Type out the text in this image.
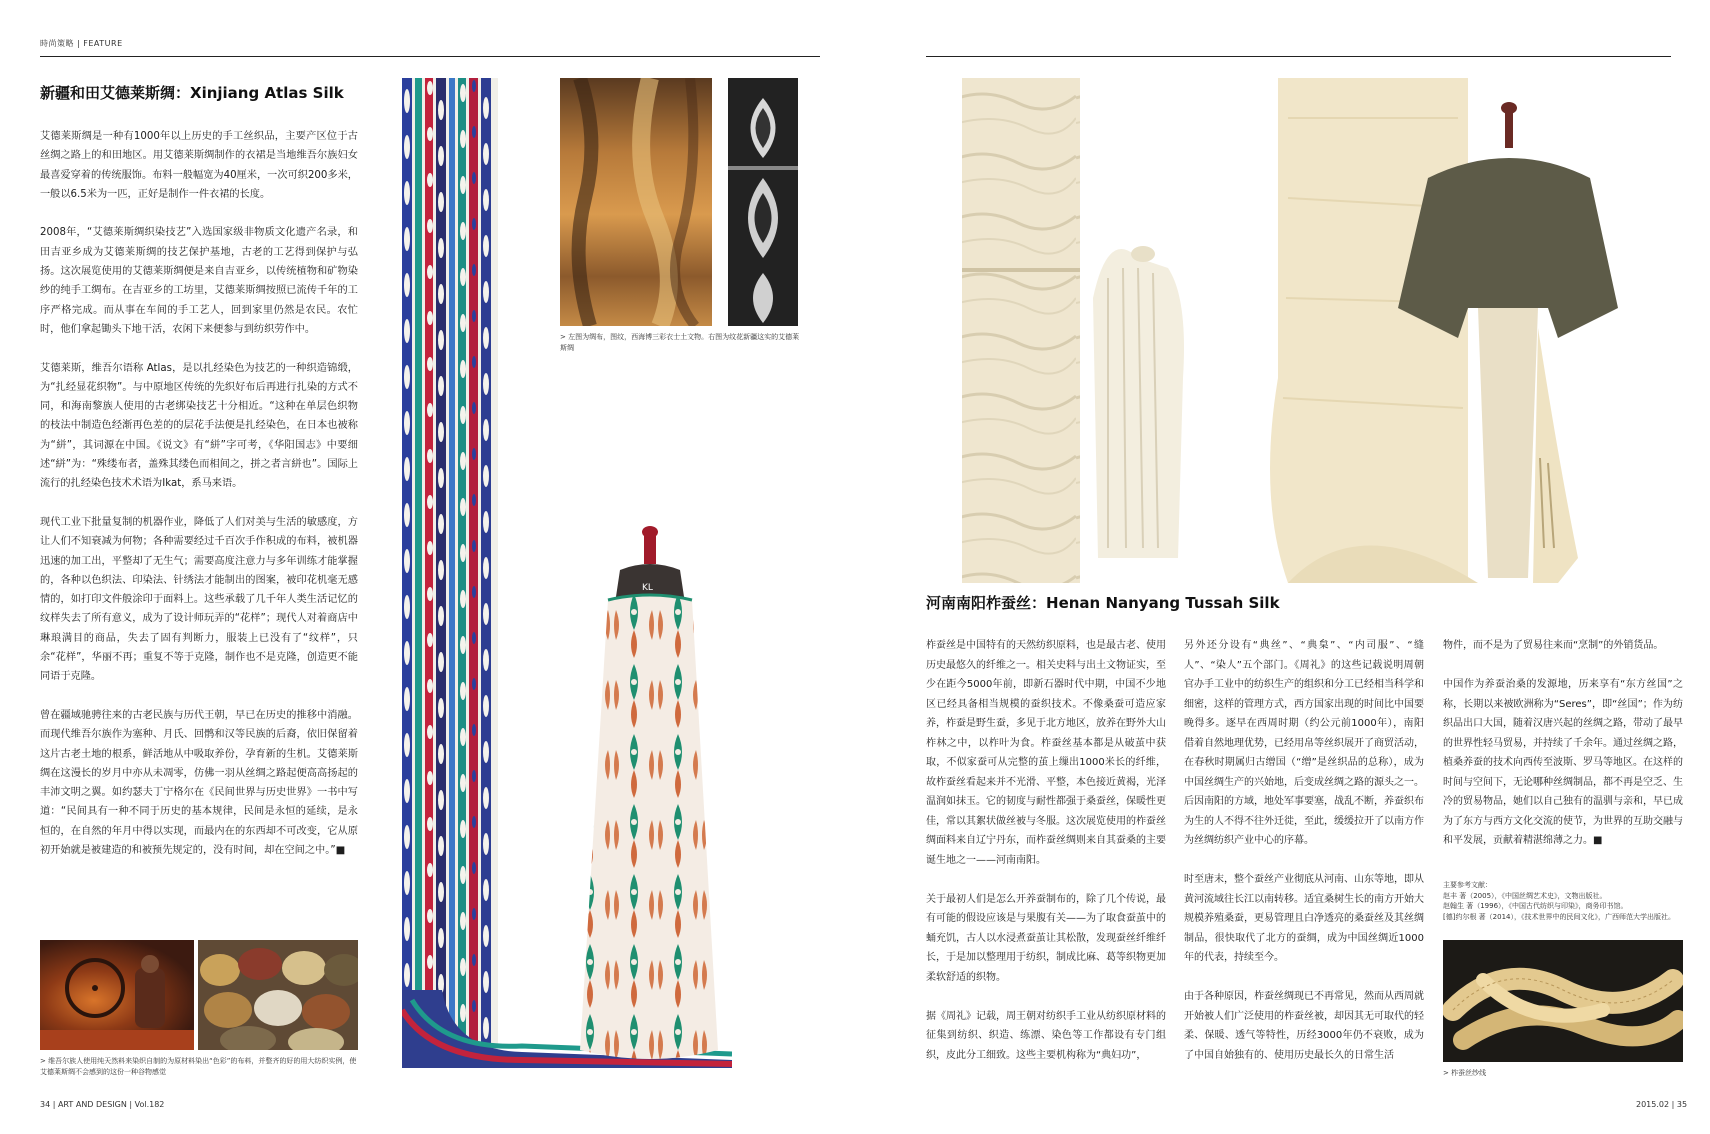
時尚策略 | FEATURE
新疆和田艾德莱斯绸：Xinjiang Atlas Silk

艾德莱斯绸是一种有1000年以上历史的手工丝织品，主要产区位于古丝绸之路上的和田地区。用艾德莱斯绸制作的衣裙是当地维吾尔族妇女最喜爱穿着的传统服饰。布料一般幅宽为40厘米，一次可织200多米，一般以6.5米为一匹，正好是制作一件衣裙的长度。

2008年，“艾德莱斯绸织染技艺”入选国家级非物质文化遗产名录，和田吉亚乡成为艾德莱斯绸的技艺保护基地，古老的工艺得到保护与弘扬。这次展览使用的艾德莱斯绸便是来自吉亚乡，以传统植物和矿物染纱的纯手工绸布。在吉亚乡的工坊里，艾德莱斯绸按照已流传千年的工序严格完成。而从事在车间的手工艺人，回到家里仍然是农民。农忙时，他们拿起锄头下地干活，农闲下来便参与到纺织劳作中。

艾德莱斯，维吾尔语称 Atlas，是以扎经染色为技艺的一种织造锦缎，为“扎经显花织物”。与中原地区传统的先织好布后再进行扎染的方式不同，和海南黎族人使用的古老绑染技艺十分相近。“这种在单层色织物的枝法中制造色经渐再色差的的层花手法便是扎经染色，在日本也被称为“絣”，其词源在中国。《说文》有“絣”字可考，《华阳国志》中要细述“絣”为：“殊缕布者，盖殊其缕色而相间之，拼之者言絣也”。国际上流行的扎经染色技术术语为Ikat，系马来语。

现代工业下批量复制的机器作业，降低了人们对美与生活的敏感度，方让人们不知衰减为何物；各种需要经过千百次手作积成的布料，被机器迅速的加工出，平整却了无生气；需要高度注意力与多年训练才能掌握的，各种以色织法、印染法、针绣法才能制出的图案，被印花机毫无感情的，如打印文件般涂印于面料上。这些承载了几千年人类生活记忆的纹样失去了所有意义，成为了设计师玩弄的“花样”；现代人对着商店中琳琅满目的商品，失去了固有判断力，服装上已没有了“纹样”，只余“花样”，华丽不再；重复不等于克隆，制作也不是克隆，创造更不能同语于克隆。

曾在疆域驰骋往来的古老民族与历代王朝，早已在历史的推移中消融。而现代维吾尔族作为塞种、月氏、回鹘和汉等民族的后裔，依旧保留着这片古老土地的根系，鲜活地从中吸取养份，孕育新的生机。艾德莱斯绸在这漫长的岁月中亦从未凋零，仿佛一羽从丝绸之路起便高高扬起的丰沛文明之翼。如约瑟夫丁宁格尔在《民间世界与历史世界》一书中写道：“民间具有一种不同于历史的基本规律，民间是永恒的延续，是永恒的，在自然的年月中得以实现，而最内在的东西却不可改变，它从原初开始就是被建造的和被预先规定的，没有时间，却在空间之中。”■

> 维吾尔族人使用纯天然料来染织自制的为原材料染出“色彩”的布料，并整齐的好的用大纺织实例，使艾德莱斯绸不会感到的这份一种谷物感觉
KL
> 左图为绸布，图纹，西海博三彩衣士土文物。右图为纹花新疆这实的艾德莱斯绸
34 | ART AND DESIGN | Vol.182
河南南阳柞蚕丝：Henan Nanyang Tussah Silk

柞蚕丝是中国特有的天然纺织原料，也是最古老、使用历史最悠久的纤维之一。相关史料与出土文物证实，至少在距今5000年前，即新石器时代中期，中国不少地区已经具备相当规模的蚕织技术。不像桑蚕可造应家养，柞蚕是野生蚕，多见于北方地区，放养在野外大山柞林之中，以柞叶为食。柞蚕丝基本都是从破茧中获取，不似家蚕可从完整的茧上缫出1000米长的纤维，故柞蚕丝看起来并不光滑、平整，本色接近黄褐，光泽温润如抹玉。它的韧度与耐性都强于桑蚕丝，保暖性更佳，常以其絮状做丝被与冬服。这次展览使用的柞蚕丝绸面料来自辽宁丹东，而柞蚕丝绸则来自其蚕桑的主要诞生地之一——河南南阳。

关于最初人们是怎么开养蚕制布的，除了几个传说，最有可能的假设应该是与果腹有关——为了取食蚕茧中的蛹充饥，古人以水浸煮蚕茧让其松散，发现蚕丝纤维纤长，于是加以整理用于纺织，制成比麻、葛等织物更加柔软舒适的织物。

据《周礼》记载，周王朝对纺织手工业从纺织原材料的征集到纺织、织造、练漂、染色等工作都设有专门组织，皮此分工细致。这些主要机构称为“典妇功”，

另外还分设有“典丝”、“典枲”、“内司服”、“缝人”、“染人”五个部门。《周礼》的这些记载说明周朝官办手工业中的纺织生产的组织和分工已经相当科学和细密，这样的管理方式，西方国家出现的时间比中国要晚得多。逐早在西周时期（约公元前1000年），南阳借着自然地理优势，已经用帛等丝织展开了商贸活动，在春秋时期属归古缯国（“缯”是丝织品的总称），成为中国丝绸生产的兴始地，后变成丝绸之路的源头之一。后因南阳的方域，地处军事要塞，战乱不断，养蚕织布为生的人不得不往外迁徙，至此，缓缓拉开了以南方作为丝绸纺织产业中心的序幕。

时至唐末，整个蚕丝产业彻底从河南、山东等地，即从黄河流域往长江以南转移。适宜桑树生长的南方开始大规模养殖桑蚕，更易管理且白净透亮的桑蚕丝及其丝绸制品，很快取代了北方的蚕绸，成为中国丝绸近1000年的代表，持续至今。

由于各种原因，柞蚕丝绸现已不再常见，然而从西周就开始被人们广泛使用的柞蚕丝被，却因其无可取代的轻柔、保暖、透气等特性，历经3000年仍不衰败，成为了中国自始独有的、使用历史最长久的日常生活

物件，而不是为了贸易往来而“烹制”的外销货品。

中国作为养蚕治桑的发源地，历来享有“东方丝国”之称，长期以来被欧洲称为“Seres”，即“丝国”；作为纺织品出口大国，随着汉唐兴起的丝绸之路，带动了最早的世界性轻马贸易，并持续了千余年。通过丝绸之路，植桑养蚕的技术向西传至波斯、罗马等地区。在这样的时间与空间下，无论哪种丝绸制品，都不再是空乏、生冷的贸易物品，她们以自己独有的温驯与亲和，早已成为了东方与西方文化交流的使节，为世界的互助交融与和平发展，贡献着精湛绵薄之力。■

主要参考文献：
赵丰 著（2005），《中国丝绸艺术史》，文物出版社。
赵翰生 著（1996），《中国古代纺织与印染》，商务印书馆。
[德]约尔根 著（2014），《技术世界中的民间文化》，广西师范大学出版社。
> 柞蚕丝纱线
2015.02 | 35
